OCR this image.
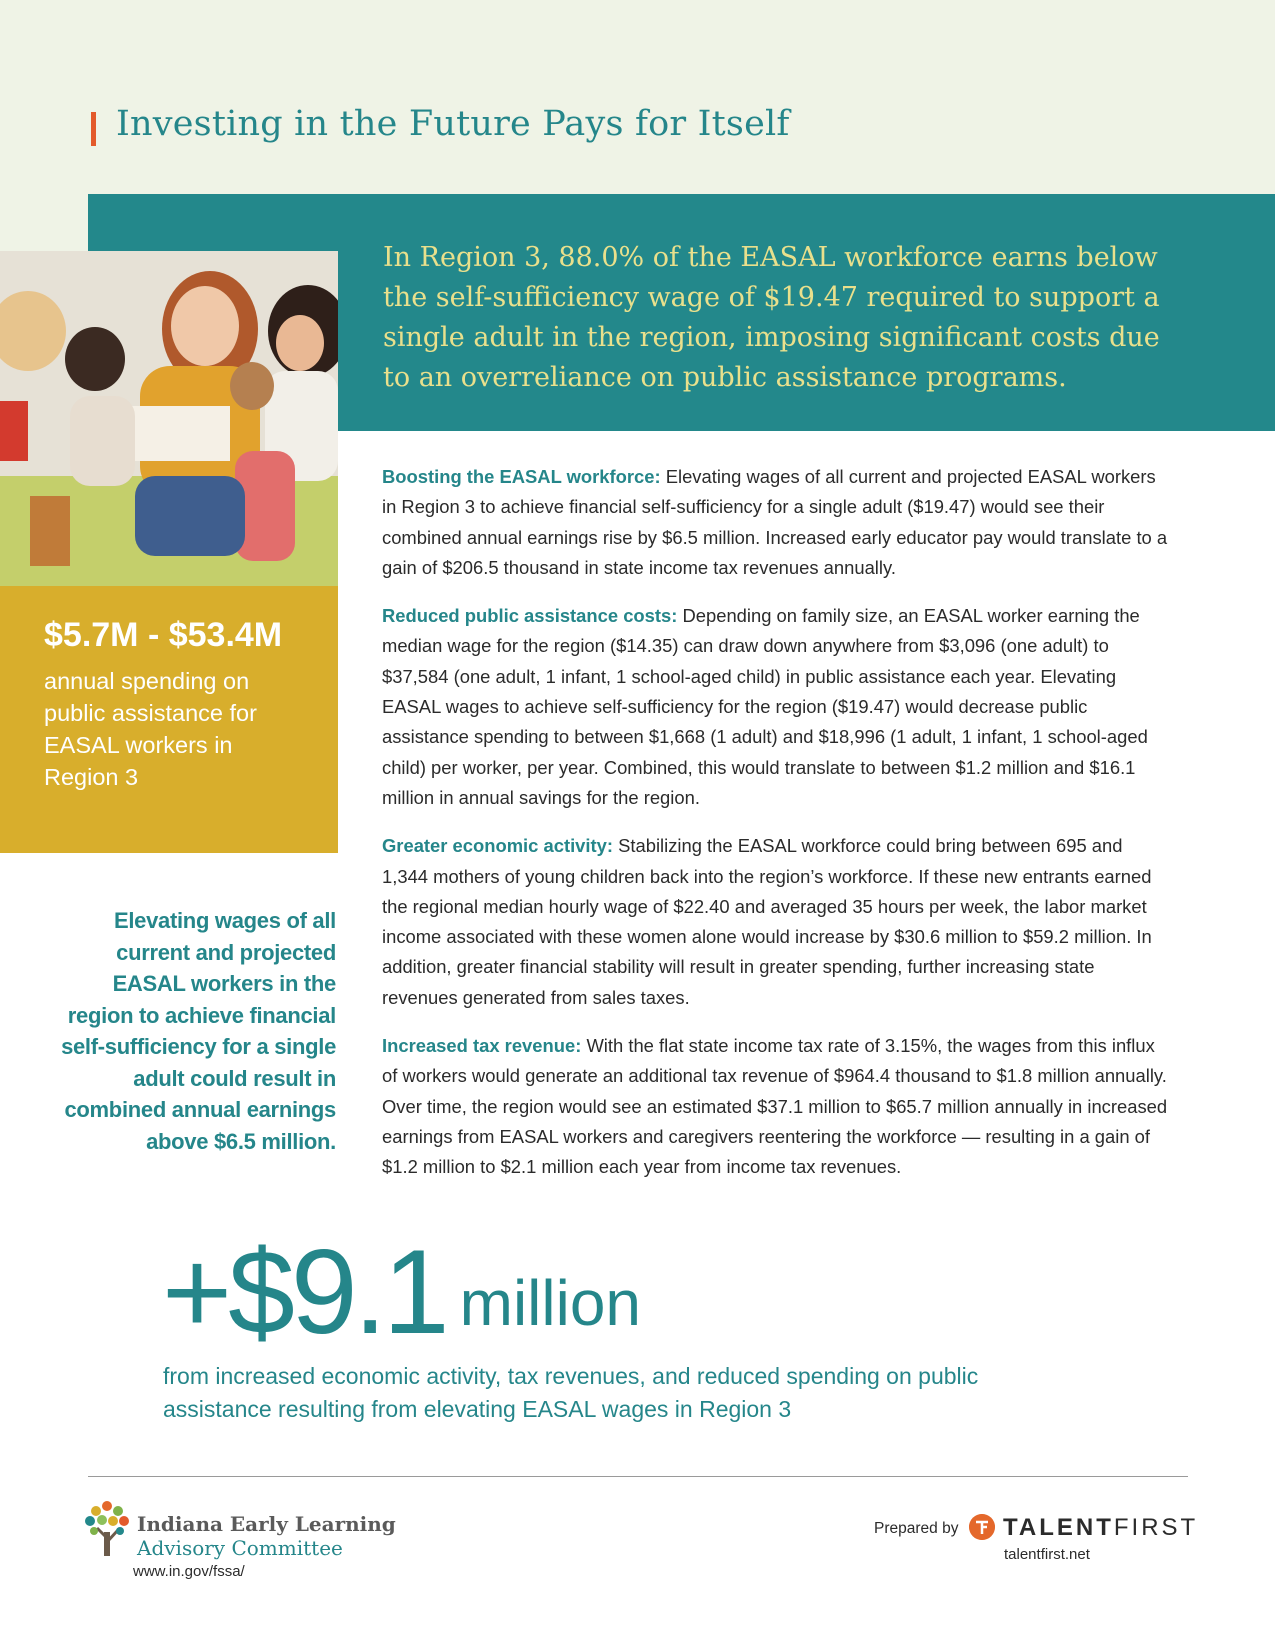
Investing in the Future Pays for Itself
In Region 3, 88.0% of the EASAL workforce earns below the self-sufficiency wage of $19.47 required to support a single adult in the region, imposing significant costs due to an overreliance on public assistance programs.
$5.7M - $53.4M
annual spending on public assistance for EASAL workers in Region 3
Elevating wages of all current and projected EASAL workers in the region to achieve financial self-sufficiency for a single adult could result in combined annual earnings above $6.5 million.

Boosting the EASAL workforce: Elevating wages of all current and projected EASAL workers in Region 3 to achieve financial self-sufficiency for a single adult ($19.47) would see their combined annual earnings rise by $6.5 million. Increased early educator pay would translate to a gain of $206.5 thousand in state income tax revenues annually.

Reduced public assistance costs: Depending on family size, an EASAL worker earning the median wage for the region ($14.35) can draw down anywhere from $3,096 (one adult) to $37,584 (one adult, 1 infant, 1 school-aged child) in public assistance each year. Elevating EASAL wages to achieve self-sufficiency for the region ($19.47) would decrease public assistance spending to between $1,668 (1 adult) and $18,996 (1 adult, 1 infant, 1 school-aged child) per worker, per year. Combined, this would translate to between $1.2 million and $16.1 million in annual savings for the region.

Greater economic activity: Stabilizing the EASAL workforce could bring between 695 and 1,344 mothers of young children back into the region’s workforce. If these new entrants earned the regional median hourly wage of $22.40 and averaged 35 hours per week, the labor market income associated with these women alone would increase by $30.6 million to $59.2 million. In addition, greater financial stability will result in greater spending, further increasing state revenues generated from sales taxes.

Increased tax revenue: With the flat state income tax rate of 3.15%, the wages from this influx of workers would generate an additional tax revenue of $964.4 thousand to $1.8 million annually. Over time, the region would see an estimated $37.1 million to $65.7 million annually in increased earnings from EASAL workers and caregivers reentering the workforce — resulting in a gain of $1.2 million to $2.1 million each year from income tax revenues.

+$9.1 million
from increased economic activity, tax revenues, and reduced spending on public assistance resulting from elevating EASAL wages in Region 3
Indiana Early Learning
Advisory Committee
www.in.gov/fssa/
Prepared by TALENTFIRST
talentfirst.net
